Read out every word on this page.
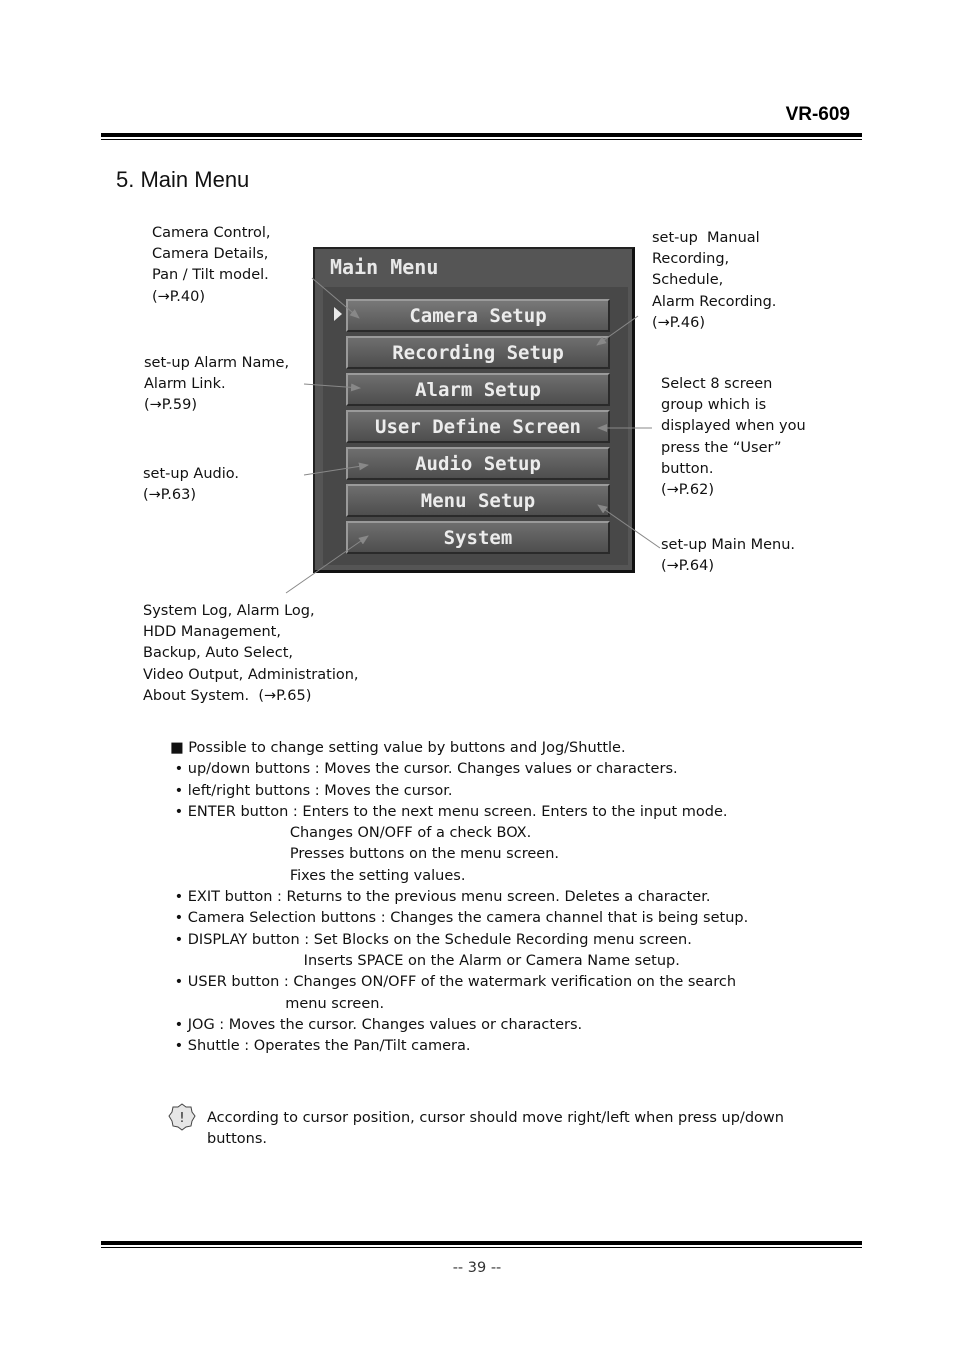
VR-609
5. Main Menu
Camera Control,
Camera Details,
Pan / Tilt model.
(→P.40)
set-up Alarm Name,
Alarm Link.
(→P.59)
set-up Audio.
(→P.63)
System Log, Alarm Log,
HDD Management,
Backup, Auto Select,
Video Output, Administration,
About System.  (→P.65)
set-up  Manual
Recording,
Schedule,
Alarm Recording.
(→P.46)
Select 8 screen
group which is
displayed when you
press the “User”
button.
(→P.62)
set-up Main Menu.
(→P.64)
Main Menu
Camera Setup
Recording Setup
Alarm Setup
User Define Screen
Audio Setup
Menu Setup
System
■ Possible to change setting value by buttons and Jog/Shuttle.
• up/down buttons : Moves the cursor. Changes values or characters.
• left/right buttons : Moves the cursor.
• ENTER button : Enters to the next menu screen. Enters to the input mode.
Changes ON/OFF of a check BOX.
Presses buttons on the menu screen.
Fixes the setting values.
• EXIT button : Returns to the previous menu screen. Deletes a character.
• Camera Selection buttons : Changes the camera channel that is being setup.
• DISPLAY button : Set Blocks on the Schedule Recording menu screen.
Inserts SPACE on the Alarm or Camera Name setup.
• USER button : Changes ON/OFF of the watermark verification on the search
menu screen.
• JOG : Moves the cursor. Changes values or characters.
• Shuttle : Operates the Pan/Tilt camera.
! According to cursor position, cursor should move right/left when press up/down buttons.
-- 39 --
